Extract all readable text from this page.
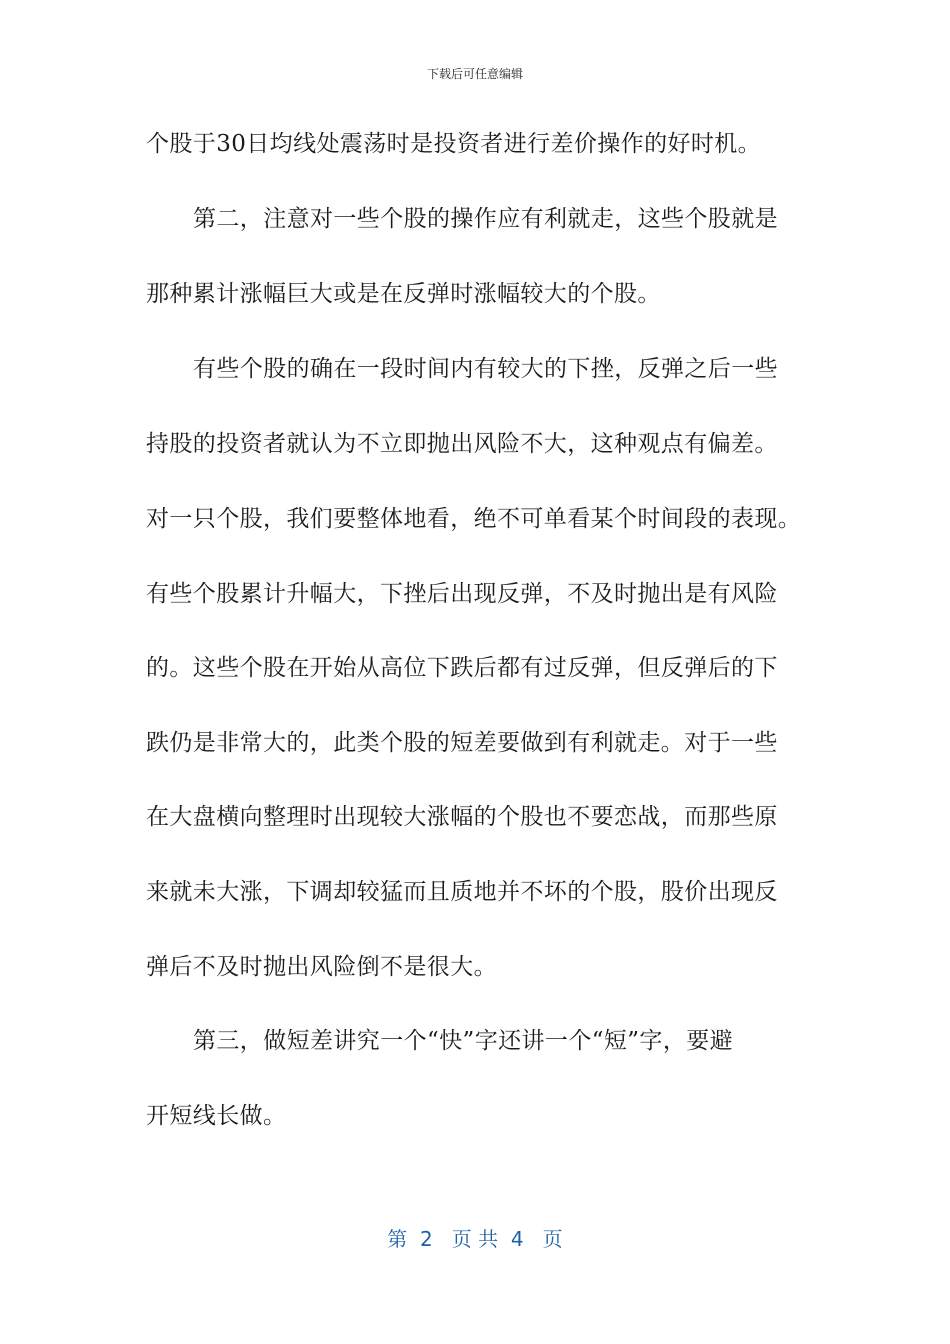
下载后可任意编辑
个股于30日均线处震荡时是投资者进行差价操作的好时机。
第二，注意对一些个股的操作应有利就走，这些个股就是
那种累计涨幅巨大或是在反弹时涨幅较大的个股。
有些个股的确在一段时间内有较大的下挫，反弹之后一些
持股的投资者就认为不立即抛出风险不大，这种观点有偏差。
对一只个股，我们要整体地看，绝不可单看某个时间段的表现。
有些个股累计升幅大，下挫后出现反弹，不及时抛出是有风险
的。这些个股在开始从高位下跌后都有过反弹，但反弹后的下
跌仍是非常大的，此类个股的短差要做到有利就走。对于一些
在大盘横向整理时出现较大涨幅的个股也不要恋战，而那些原
来就未大涨，下调却较猛而且质地并不坏的个股，股价出现反
弹后不及时抛出风险倒不是很大。
第三，做短差讲究一个“快”字还讲一个“短”字，要避
开短线长做。
第  2   页 共  4   页
